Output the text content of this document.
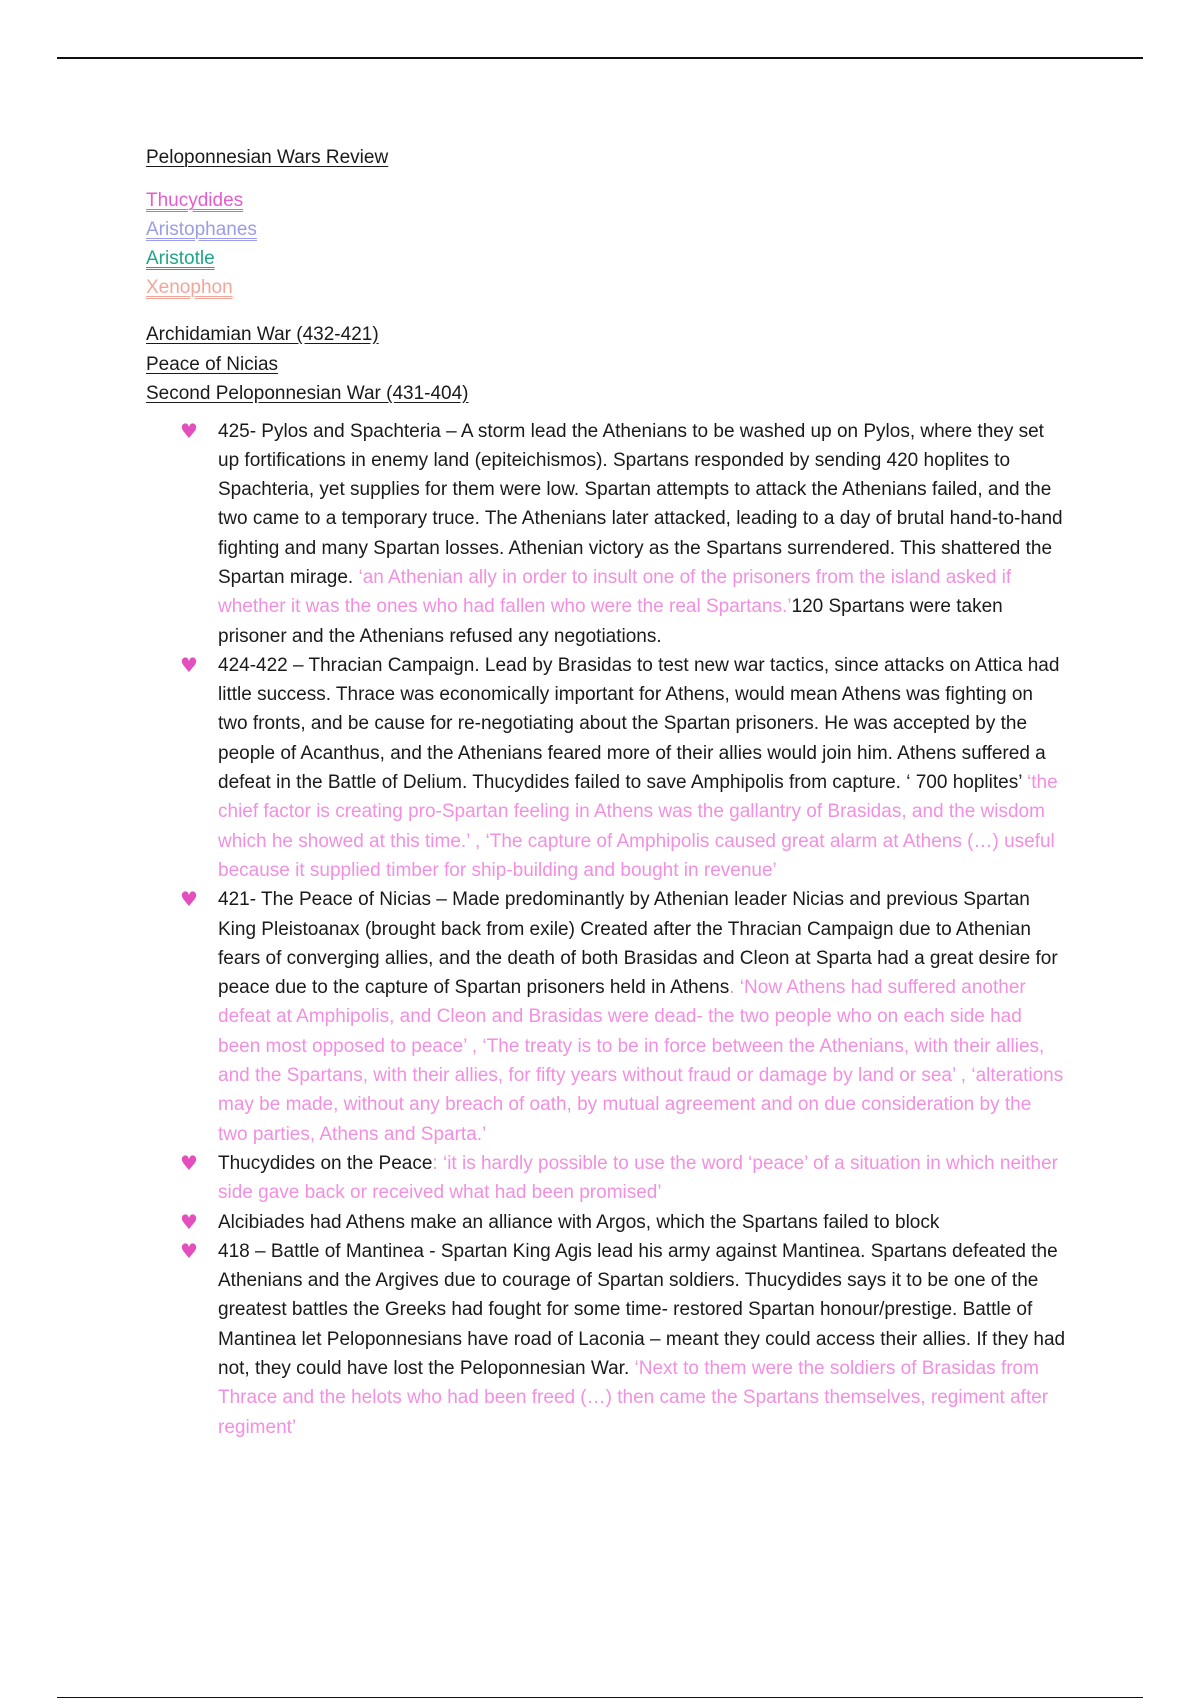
Peloponnesian Wars Review
Thucydides
Aristophanes
Aristotle
Xenophon
Archidamian War (432-421)
Peace of Nicias
Second Peloponnesian War (431-404)
♥ 425- Pylos and Spachteria – A storm lead the Athenians to be washed up on Pylos, where they set up fortifications in enemy land (epiteichismos). Spartans responded by sending 420 hoplites to Spachteria, yet supplies for them were low. Spartan attempts to attack the Athenians failed, and the two came to a temporary truce. The Athenians later attacked, leading to a day of brutal hand-to-hand fighting and many Spartan losses. Athenian victory as the Spartans surrendered. This shattered the Spartan mirage. ‘an Athenian ally in order to insult one of the prisoners from the island asked if whether it was the ones who had fallen who were the real Spartans.’120 Spartans were taken prisoner and the Athenians refused any negotiations.
♥ 424-422 – Thracian Campaign. Lead by Brasidas to test new war tactics, since attacks on Attica had little success. Thrace was economically important for Athens, would mean Athens was fighting on two fronts, and be cause for re-negotiating about the Spartan prisoners. He was accepted by the people of Acanthus, and the Athenians feared more of their allies would join him. Athens suffered a defeat in the Battle of Delium. Thucydides failed to save Amphipolis from capture. ‘ 700 hoplites’ ‘the chief factor is creating pro-Spartan feeling in Athens was the gallantry of Brasidas, and the wisdom which he showed at this time.’ , ‘The capture of Amphipolis caused great alarm at Athens (…) useful because it supplied timber for ship-building and bought in revenue’
♥ 421- The Peace of Nicias – Made predominantly by Athenian leader Nicias and previous Spartan King Pleistoanax (brought back from exile) Created after the Thracian Campaign due to Athenian fears of converging allies, and the death of both Brasidas and Cleon at Sparta had a great desire for peace due to the capture of Spartan prisoners held in Athens. ‘Now Athens had suffered another defeat at Amphipolis, and Cleon and Brasidas were dead- the two people who on each side had been most opposed to peace’ , ‘The treaty is to be in force between the Athenians, with their allies, and the Spartans, with their allies, for fifty years without fraud or damage by land or sea’ , ‘alterations may be made, without any breach of oath, by mutual agreement and on due consideration by the two parties, Athens and Sparta.’
♥ Thucydides on the Peace: ‘it is hardly possible to use the word ‘peace’ of a situation in which neither side gave back or received what had been promised’
♥ Alcibiades had Athens make an alliance with Argos, which the Spartans failed to block
♥ 418 – Battle of Mantinea - Spartan King Agis lead his army against Mantinea. Spartans defeated the Athenians and the Argives due to courage of Spartan soldiers. Thucydides says it to be one of the greatest battles the Greeks had fought for some time- restored Spartan honour/prestige. Battle of Mantinea let Peloponnesians have road of Laconia – meant they could access their allies. If they had not, they could have lost the Peloponnesian War. ‘Next to them were the soldiers of Brasidas from Thrace and the helots who had been freed (…) then came the Spartans themselves, regiment after regiment’
